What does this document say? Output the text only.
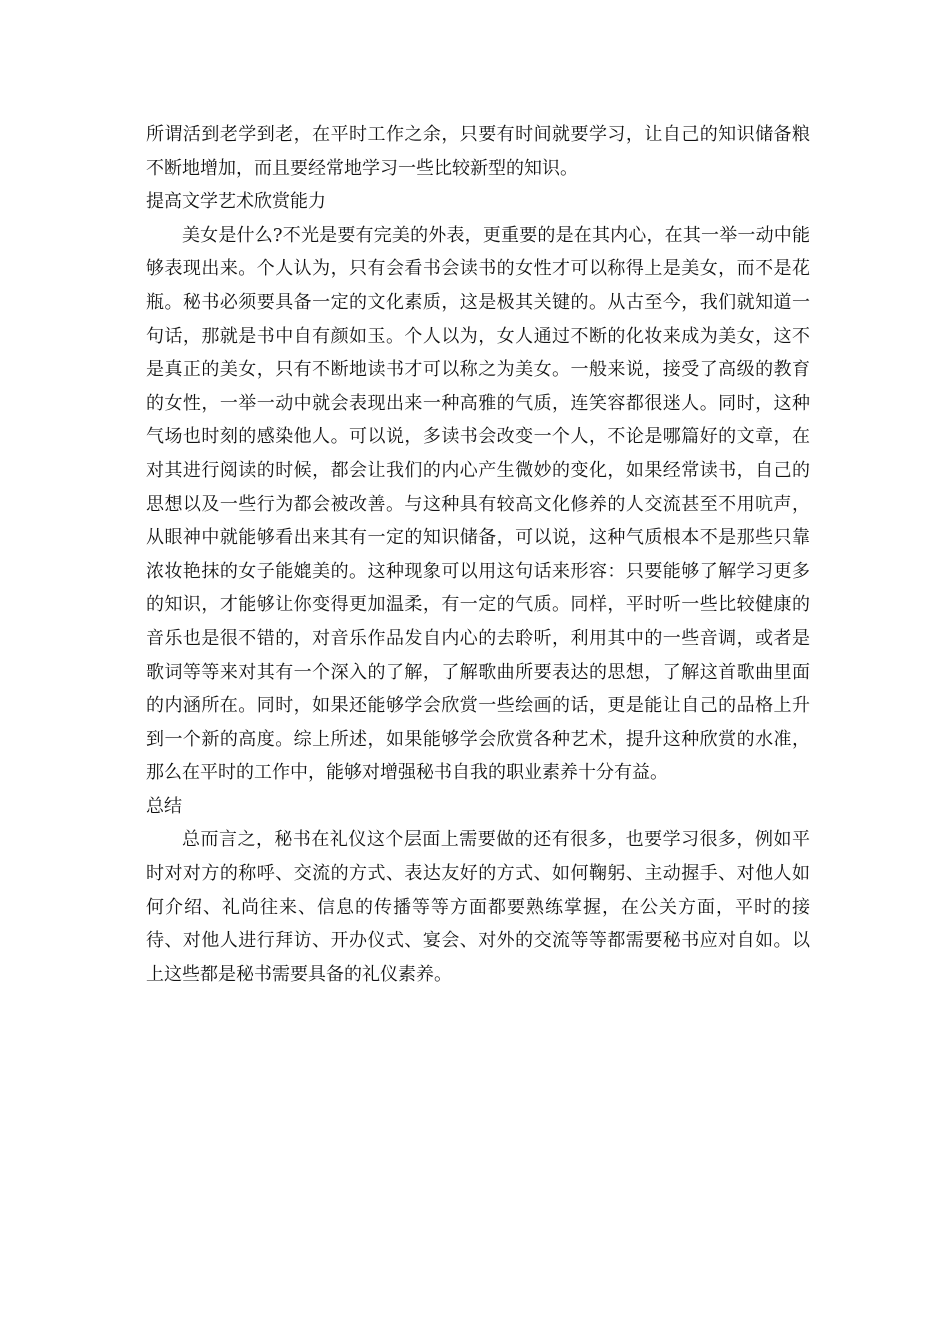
所谓活到老学到老，在平时工作之余，只要有时间就要学习，让自己的知识储备粮不断地增加，而且要经常地学习一些比较新型的知识。

提高文学艺术欣赏能力

美女是什么?不光是要有完美的外表，更重要的是在其内心，在其一举一动中能够表现出来。个人认为，只有会看书会读书的女性才可以称得上是美女，而不是花瓶。秘书必须要具备一定的文化素质，这是极其关键的。从古至今，我们就知道一句话，那就是书中自有颜如玉。个人以为，女人通过不断的化妆来成为美女，这不是真正的美女，只有不断地读书才可以称之为美女。一般来说，接受了高级的教育的女性，一举一动中就会表现出来一种高雅的气质，连笑容都很迷人。同时，这种气场也时刻的感染他人。可以说，多读书会改变一个人，不论是哪篇好的文章，在对其进行阅读的时候，都会让我们的内心产生微妙的变化，如果经常读书，自己的思想以及一些行为都会被改善。与这种具有较高文化修养的人交流甚至不用吭声，从眼神中就能够看出来其有一定的知识储备，可以说，这种气质根本不是那些只靠浓妆艳抹的女子能媲美的。这种现象可以用这句话来形容：只要能够了解学习更多的知识，才能够让你变得更加温柔，有一定的气质。同样，平时听一些比较健康的音乐也是很不错的，对音乐作品发自内心的去聆听，利用其中的一些音调，或者是歌词等等来对其有一个深入的了解，了解歌曲所要表达的思想，了解这首歌曲里面的内涵所在。同时，如果还能够学会欣赏一些绘画的话，更是能让自己的品格上升到一个新的高度。综上所述，如果能够学会欣赏各种艺术，提升这种欣赏的水准，那么在平时的工作中，能够对增强秘书自我的职业素养十分有益。

总结

总而言之，秘书在礼仪这个层面上需要做的还有很多，也要学习很多，例如平时对对方的称呼、交流的方式、表达友好的方式、如何鞠躬、主动握手、对他人如何介绍、礼尚往来、信息的传播等等方面都要熟练掌握，在公关方面，平时的接待、对他人进行拜访、开办仪式、宴会、对外的交流等等都需要秘书应对自如。以上这些都是秘书需要具备的礼仪素养。
